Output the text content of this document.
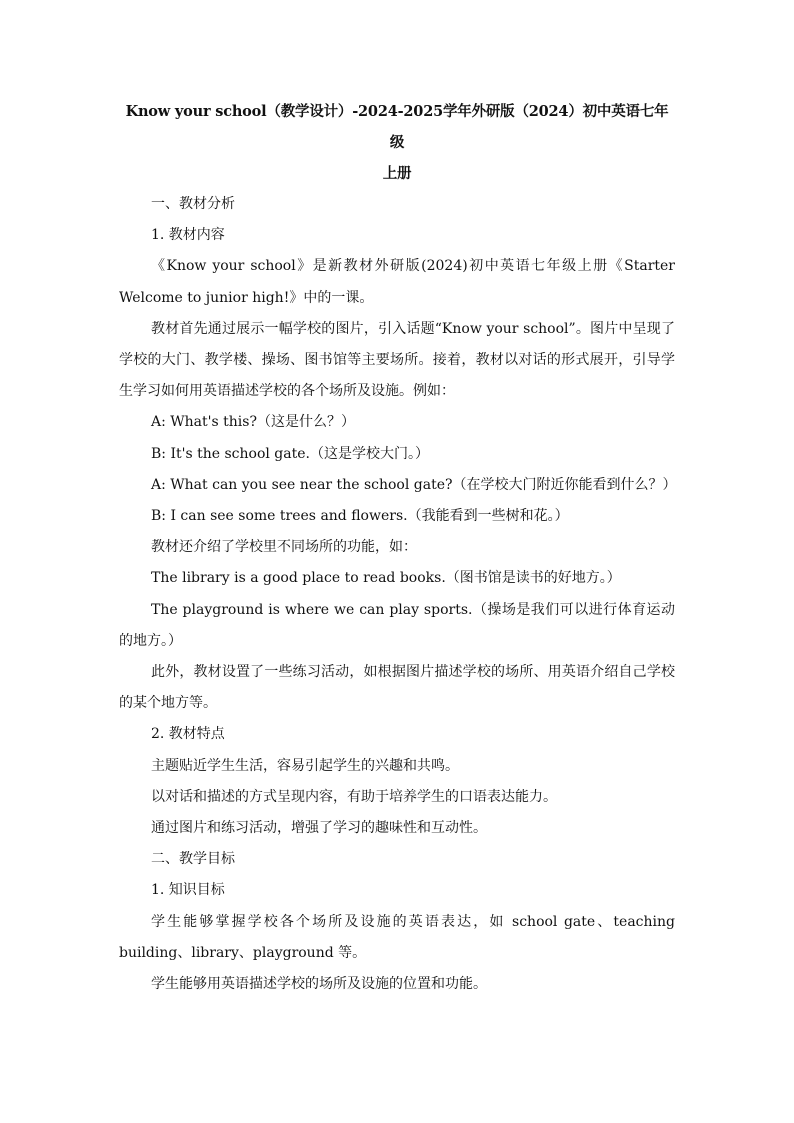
Know your school（教学设计）-2024-2025学年外研版（2024）初中英语七年级

上册

一、教材分析

1. 教材内容

《Know your school》是新教材外研版(2024)初中英语七年级上册《Starter Welcome to junior high!》中的一课。

教材首先通过展示一幅学校的图片，引入话题“Know your school”。图片中呈现了学校的大门、教学楼、操场、图书馆等主要场所。接着，教材以对话的形式展开，引导学生学习如何用英语描述学校的各个场所及设施。例如：

A: What's this?（这是什么？）

B: It's the school gate.（这是学校大门。）

A: What can you see near the school gate?（在学校大门附近你能看到什么？）

B: I can see some trees and flowers.（我能看到一些树和花。）

教材还介绍了学校里不同场所的功能，如：

The library is a good place to read books.（图书馆是读书的好地方。）

The playground is where we can play sports.（操场是我们可以进行体育运动的地方。）

此外，教材设置了一些练习活动，如根据图片描述学校的场所、用英语介绍自己学校的某个地方等。

2. 教材特点

主题贴近学生生活，容易引起学生的兴趣和共鸣。

以对话和描述的方式呈现内容，有助于培养学生的口语表达能力。

通过图片和练习活动，增强了学习的趣味性和互动性。

二、教学目标

1. 知识目标

学生能够掌握学校各个场所及设施的英语表达，如 school gate、teaching building、library、playground 等。

学生能够用英语描述学校的场所及设施的位置和功能。
